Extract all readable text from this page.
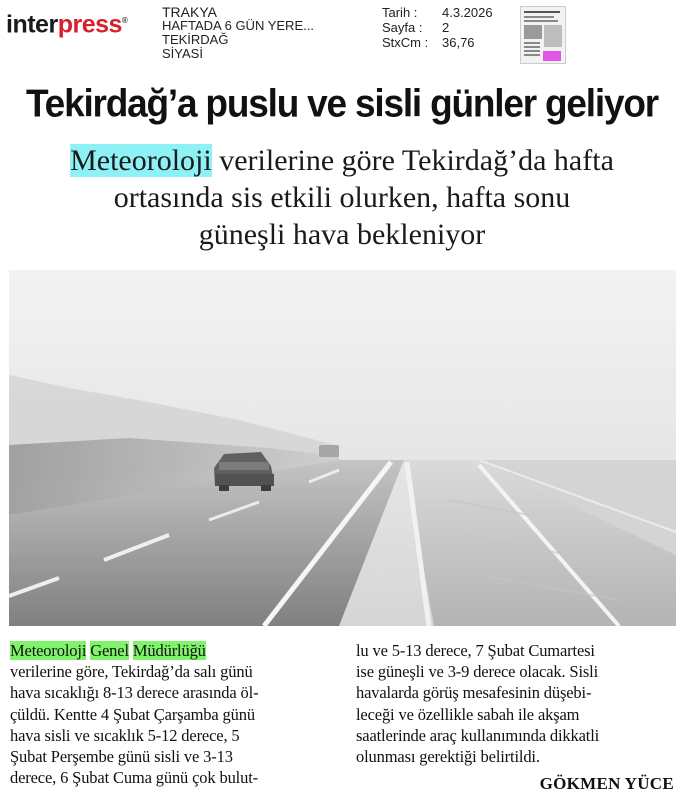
interpress®
TRAKYA
HAFTADA 6 GÜN YERE...
TEKİRDAĞ
SİYASİ
Tarih :	4.3.2026
Sayfa :	2
StxCm :	36,76
Tekirdağ’a puslu ve sisli günler geliyor
Meteoroloji verilerine göre Tekirdağ’da hafta
ortasında sis etkili olurken, hafta sonu
güneşli hava bekleniyor
Meteoroloji Genel Müdürlüğü
verilerine göre, Tekirdağ’da salı günü
hava sıcaklığı 8-13 derece arasında öl-
çüldü. Kentte 4 Şubat Çarşamba günü
hava sisli ve sıcaklık 5-12 derece, 5
Şubat Perşembe günü sisli ve 3-13
derece, 6 Şubat Cuma günü çok bulut-
lu ve 5-13 derece, 7 Şubat Cumartesi
ise güneşli ve 3-9 derece olacak. Sisli
havalarda görüş mesafesinin düşebi-
leceği ve özellikle sabah ile akşam
saatlerinde araç kullanımında dikkatli
olunması gerektiği belirtildi.
GÖKMEN YÜCE
